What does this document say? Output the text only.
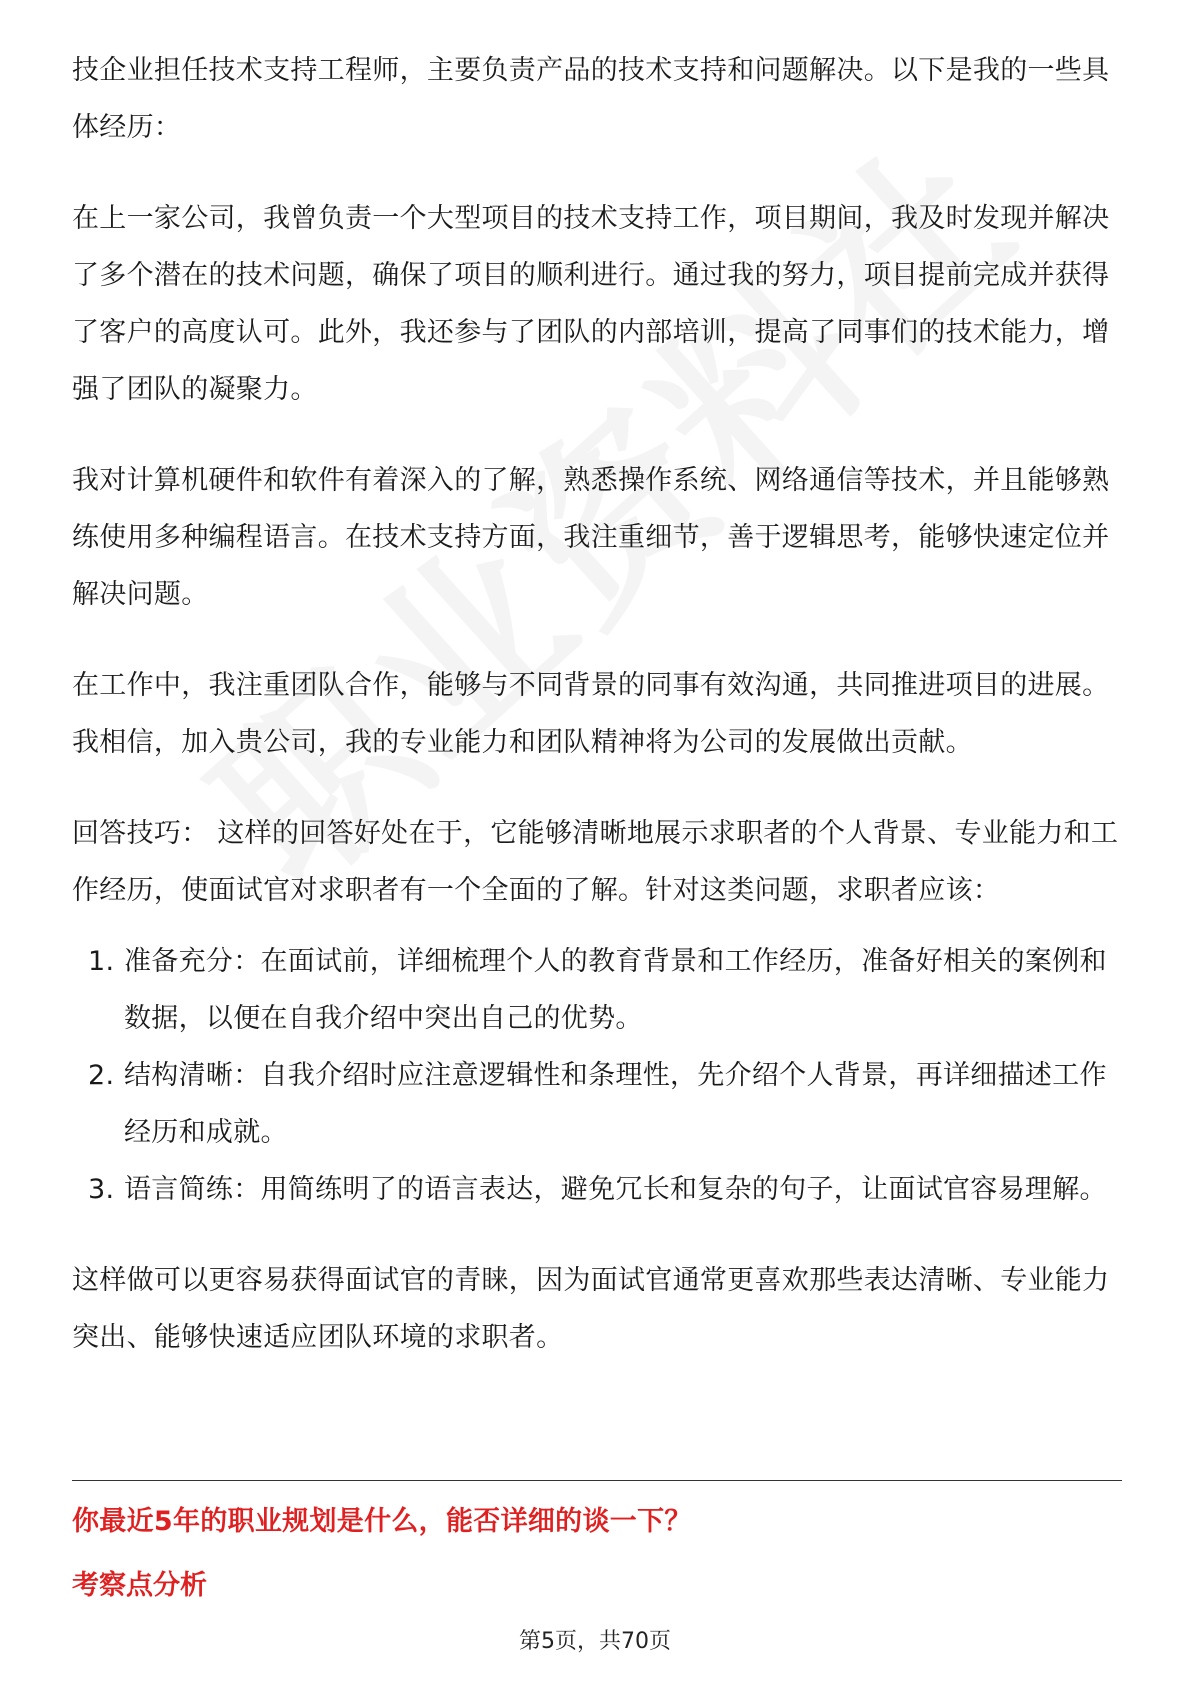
技企业担任技术支持工程师，主要负责产品的技术支持和问题解决。以下是我的一些具体经历：

在上一家公司，我曾负责一个大型项目的技术支持工作，项目期间，我及时发现并解决了多个潜在的技术问题，确保了项目的顺利进行。通过我的努力，项目提前完成并获得了客户的高度认可。此外，我还参与了团队的内部培训，提高了同事们的技术能力，增强了团队的凝聚力。

我对计算机硬件和软件有着深入的了解，熟悉操作系统、网络通信等技术，并且能够熟练使用多种编程语言。在技术支持方面，我注重细节，善于逻辑思考，能够快速定位并解决问题。

在工作中，我注重团队合作，能够与不同背景的同事有效沟通，共同推进项目的进展。我相信，加入贵公司，我的专业能力和团队精神将为公司的发展做出贡献。

回答技巧： 这样的回答好处在于，它能够清晰地展示求职者的个人背景、专业能力和工作经历，使面试官对求职者有一个全面的了解。针对这类问题，求职者应该：

1. 准备充分：在面试前，详细梳理个人的教育背景和工作经历，准备好相关的案例和数据，以便在自我介绍中突出自己的优势。
2. 结构清晰：自我介绍时应注意逻辑性和条理性，先介绍个人背景，再详细描述工作经历和成就。
3. 语言简练：用简练明了的语言表达，避免冗长和复杂的句子，让面试官容易理解。

这样做可以更容易获得面试官的青睐，因为面试官通常更喜欢那些表达清晰、专业能力突出、能够快速适应团队环境的求职者。

你最近5年的职业规划是什么，能否详细的谈一下？
考察点分析
第5页，共70页
